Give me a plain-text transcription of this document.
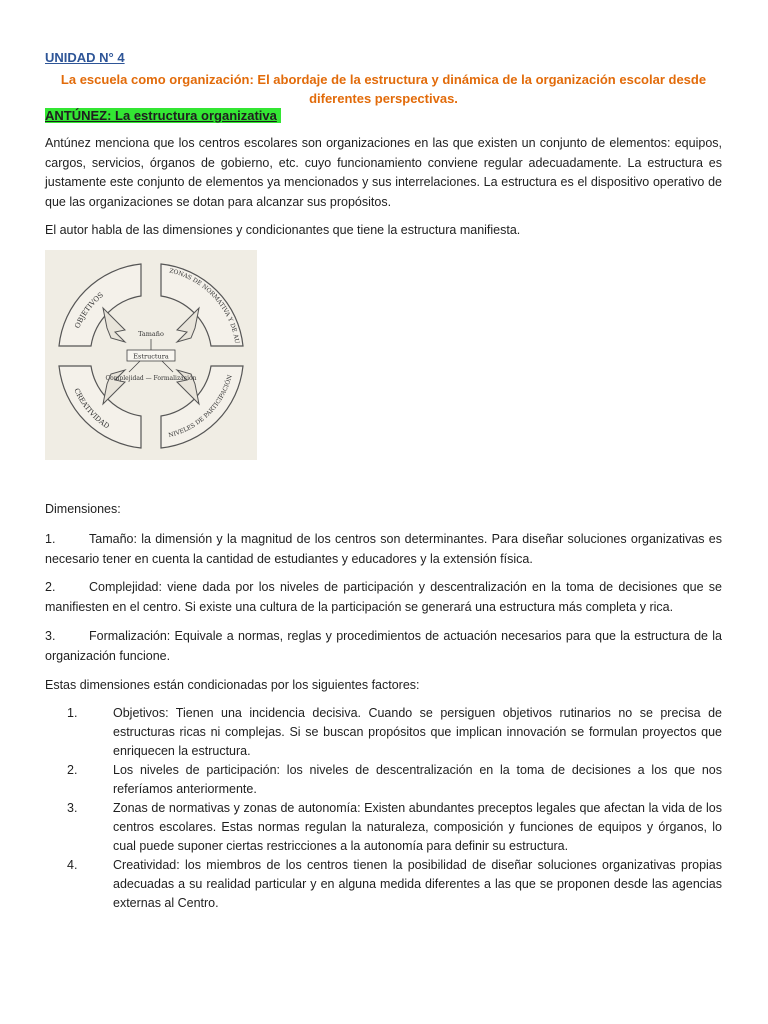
UNIDAD N° 4
La escuela como organización: El abordaje de la estructura y dinámica de la organización escolar desde diferentes perspectivas.
ANTÚNEZ: La estructura organizativa

Antúnez menciona que los centros escolares son organizaciones en las que existen un conjunto de elementos: equipos, cargos, servicios, órganos de gobierno, etc. cuyo funcionamiento conviene regular adecuadamente. La estructura es justamente este conjunto de elementos ya mencionados y sus interrelaciones. La estructura es el dispositivo operativo de que las organizaciones se dotan para alcanzar sus propósitos.

El autor habla de las dimensiones y condicionantes que tiene la estructura manifiesta.

OBJETIVOS
ZONAS DE NORMATIVA Y DE AU
CREATIVIDAD
NIVELES DE PARTICIPACIÓN
Tamaño
Estructura
Complejidad — Formalización

Dimensiones:

1.	Tamaño: la dimensión y la magnitud de los centros son determinantes. Para diseñar soluciones organizativas es necesario tener en cuenta la cantidad de estudiantes y educadores y la extensión física.

2.	Complejidad: viene dada por los niveles de participación y descentralización en la toma de decisiones que se manifiesten en el centro. Si existe una cultura de la participación se generará una estructura más completa y rica.

3.	Formalización: Equivale a normas, reglas y procedimientos de actuación necesarios para que la estructura de la organización funcione.

Estas dimensiones están condicionadas por los siguientes factores:

1.	Objetivos: Tienen una incidencia decisiva. Cuando se persiguen objetivos rutinarios no se precisa de estructuras ricas ni complejas. Si se buscan propósitos que implican innovación se formulan proyectos que enriquecen la estructura.

2.	Los niveles de participación: los niveles de descentralización en la toma de decisiones a los que nos referíamos anteriormente.

3.	Zonas de normativas y zonas de autonomía: Existen abundantes preceptos legales que afectan la vida de los centros escolares. Estas normas regulan la naturaleza, composición y funciones de equipos y órganos, lo cual puede suponer ciertas restricciones a la autonomía para definir su estructura.

4.	Creatividad: los miembros de los centros tienen la posibilidad de diseñar soluciones organizativas propias adecuadas a su realidad particular y en alguna medida diferentes a las que se proponen desde las agencias externas al Centro.
